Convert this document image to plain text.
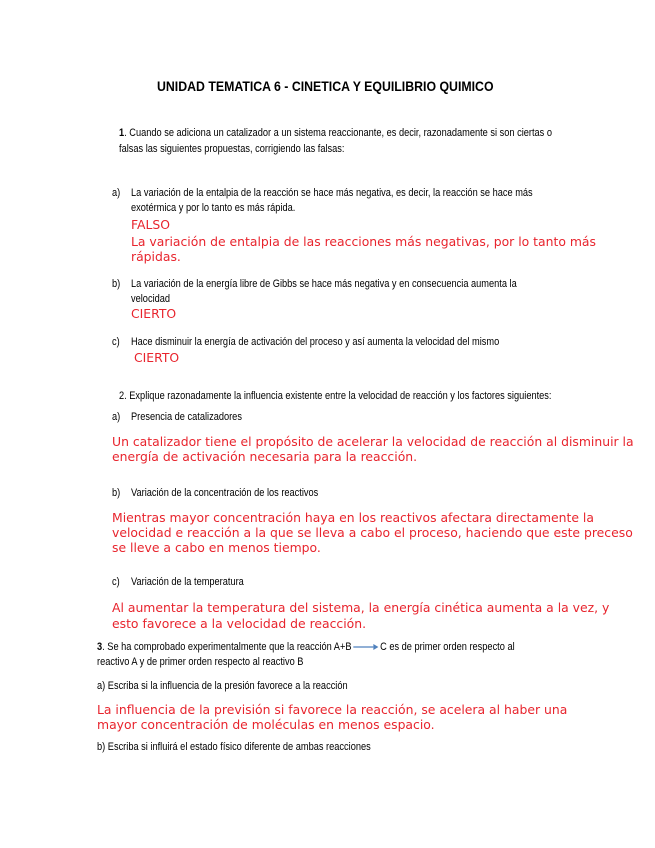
UNIDAD TEMATICA 6 - CINETICA Y EQUILIBRIO QUIMICO
1. Cuando se adiciona un catalizador a un sistema reaccionante, es decir, razonadamente si son ciertas o
falsas las siguientes propuestas, corrigiendo las falsas:
a) La variación de la entalpia de la reacción se hace más negativa, es decir, la reacción se hace más
exotérmica y por lo tanto es más rápida.
FALSO
La variación de entalpia de las reacciones más negativas, por lo tanto más
rápidas.
b) La variación de la energía libre de Gibbs se hace más negativa y en consecuencia aumenta la
velocidad
CIERTO
c) Hace disminuir la energía de activación del proceso y así aumenta la velocidad del mismo
CIERTO
2. Explique razonadamente la influencia existente entre la velocidad de reacción y los factores siguientes:
a) Presencia de catalizadores
Un catalizador tiene el propósito de acelerar la velocidad de reacción al disminuir la
energía de activación necesaria para la reacción.
b) Variación de la concentración de los reactivos
Mientras mayor concentración haya en los reactivos afectara directamente la
velocidad e reacción a la que se lleva a cabo el proceso, haciendo que este preceso
se lleve a cabo en menos tiempo.
c) Variación de la temperatura
Al aumentar la temperatura del sistema, la energía cinética aumenta a la vez, y
esto favorece a la velocidad de reacción.
3. Se ha comprobado experimentalmente que la reacción A+B → C es de primer orden respecto al
reactivo A y de primer orden respecto al reactivo B
a) Escriba si la influencia de la presión favorece a la reacción
La influencia de la previsión si favorece la reacción, se acelera al haber una
mayor concentración de moléculas en menos espacio.
b) Escriba si influirá el estado físico diferente de ambas reacciones
